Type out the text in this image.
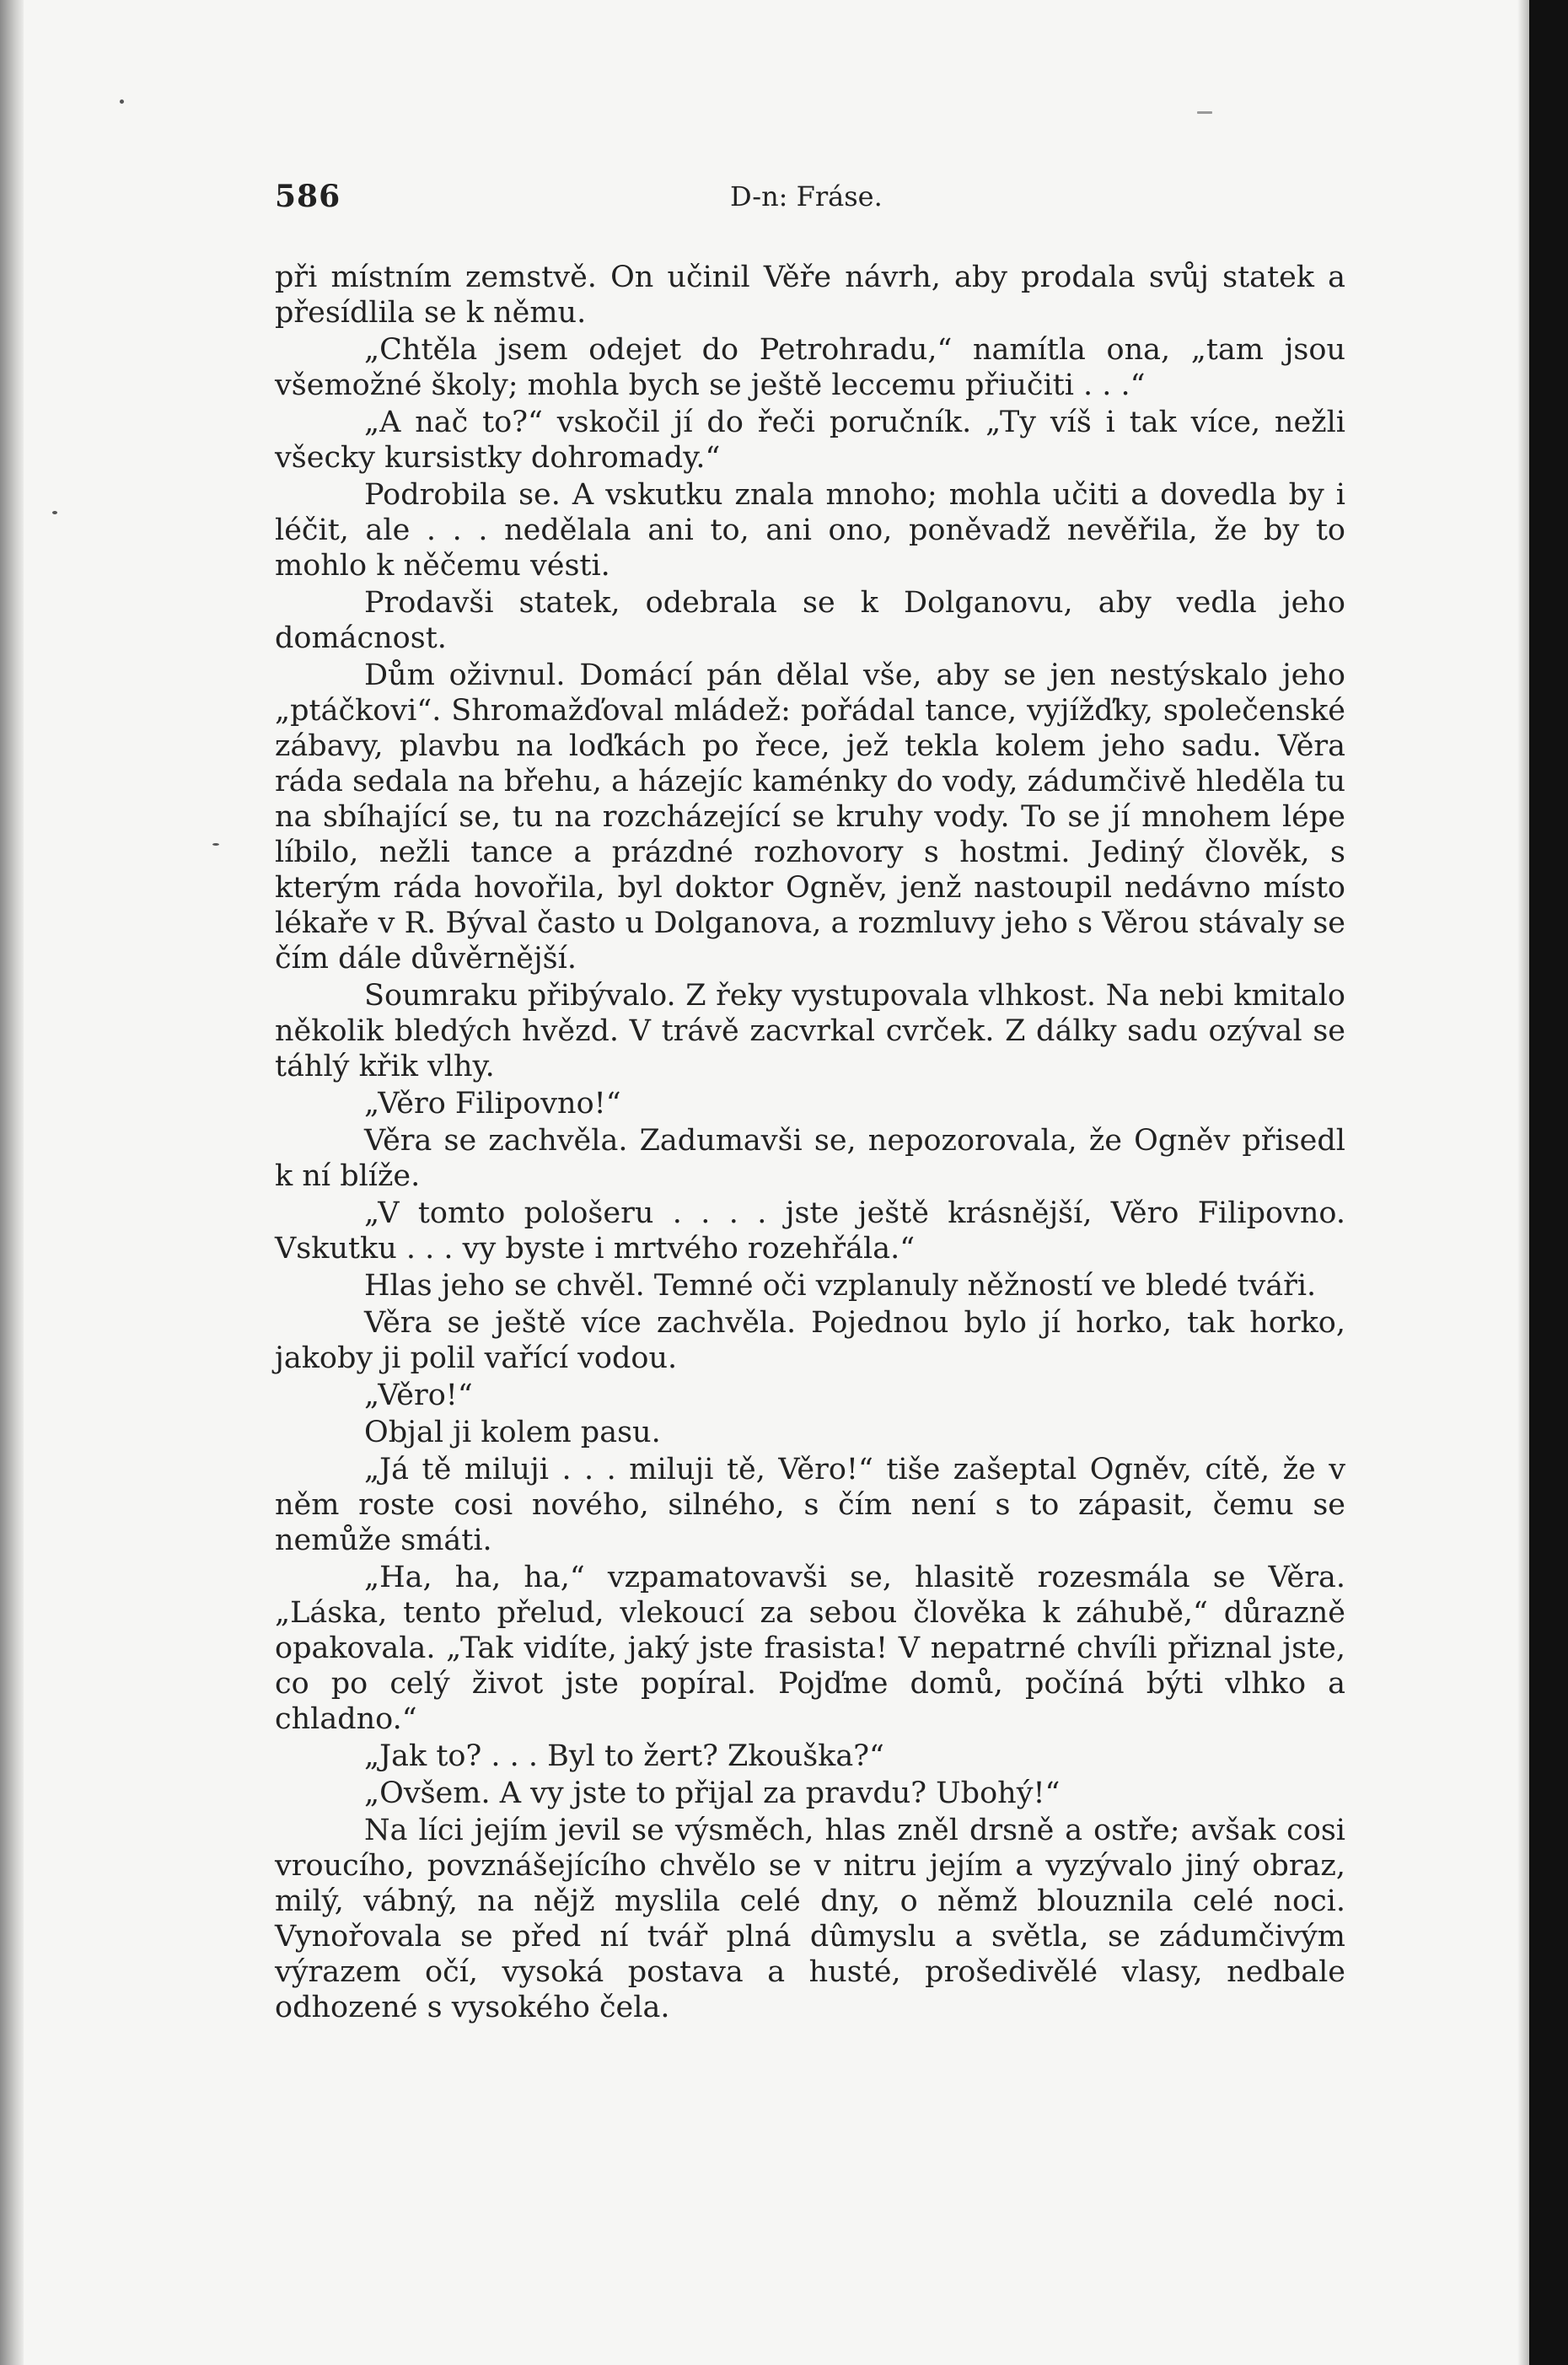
586	D-n: Fráse.

při místním zemstvě. On učinil Věře návrh, aby prodala svůj statek a přesídlila se k němu.

„Chtěla jsem odejet do Petrohradu,“ namítla ona, „tam jsou všemožné školy; mohla bych se ještě leccemu přiučiti . . .“

„A nač to?“ vskočil jí do řeči poručník. „Ty víš i tak více, nežli všecky kursistky dohromady.“

Podrobila se. A vskutku znala mnoho; mohla učiti a dovedla by i léčit, ale . . . nedělala ani to, ani ono, poněvadž nevěřila, že by to mohlo k něčemu vésti.

Prodavši statek, odebrala se k Dolganovu, aby vedla jeho domácnost.

Dům oživnul. Domácí pán dělal vše, aby se jen nestýskalo jeho „ptáčkovi“. Shromažďoval mládež: pořádal tance, vyjížďky, společenské zábavy, plavbu na loďkách po řece, jež tekla kolem jeho sadu. Věra ráda sedala na břehu, a házejíc kaménky do vody, zádumčivě hleděla tu na sbíhající se, tu na rozcházející se kruhy vody. To se jí mnohem lépe líbilo, nežli tance a prázdné rozhovory s hostmi. Jediný člověk, s kterým ráda hovořila, byl doktor Ogněv, jenž nastoupil nedávno místo lékaře v R. Býval často u Dolganova, a rozmluvy jeho s Věrou stávaly se čím dále důvěrnější.

Soumraku přibývalo. Z řeky vystupovala vlhkost. Na nebi kmitalo několik bledých hvězd. V trávě zacvrkal cvrček. Z dálky sadu ozýval se táhlý křik vlhy.

„Věro Filipovno!“

Věra se zachvěla. Zadumavši se, nepozorovala, že Ogněv přisedl k ní blíže.

„V tomto pološeru . . . . jste ještě krásnější, Věro Filipovno. Vskutku . . . vy byste i mrtvého rozehřála.“

Hlas jeho se chvěl. Temné oči vzplanuly něžností ve bledé tváři.

Věra se ještě více zachvěla. Pojednou bylo jí horko, tak horko, jakoby ji polil vařící vodou.

„Věro!“

Objal ji kolem pasu.

„Já tě miluji . . . miluji tě, Věro!“ tiše zašeptal Ogněv, cítě, že v něm roste cosi nového, silného, s čím není s to zápasit, čemu se nemůže smáti.

„Ha, ha, ha,“ vzpamatovavši se, hlasitě rozesmála se Věra. „Láska, tento přelud, vlekoucí za sebou člověka k záhubě,“ důrazně opakovala. „Tak vidíte, jaký jste frasista! V nepatrné chvíli přiznal jste, co po celý život jste popíral. Pojďme domů, počíná býti vlhko a chladno.“

„Jak to? . . . Byl to žert? Zkouška?“

„Ovšem. A vy jste to přijal za pravdu? Ubohý!“

Na líci jejím jevil se výsměch, hlas zněl drsně a ostře; avšak cosi vroucího, povznášejícího chvělo se v nitru jejím a vyzývalo jiný obraz, milý, vábný, na nějž myslila celé dny, o němž blouznila celé noci. Vynořovala se před ní tvář plná dûmyslu a světla, se zádumčivým výrazem očí, vysoká postava a husté, prošedivělé vlasy, nedbale odhozené s vysokého čela.
